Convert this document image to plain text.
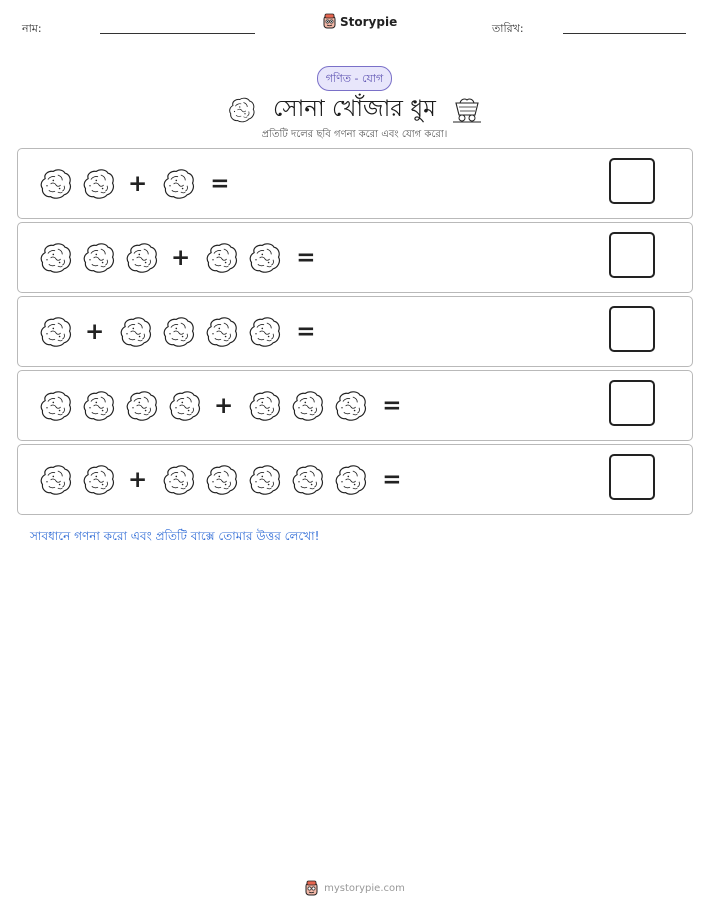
নাম:	Storypie	তারিখ:
গণিত - যোগ
সোনা খোঁজার ধুম
প্রতিটি দলের ছবি গণনা করো এবং যোগ করো।
+	=
+	=
+	=
+	=
+	=
সাবধানে গণনা করো এবং প্রতিটি বাক্সে তোমার উত্তর লেখো!
mystorypie.com
